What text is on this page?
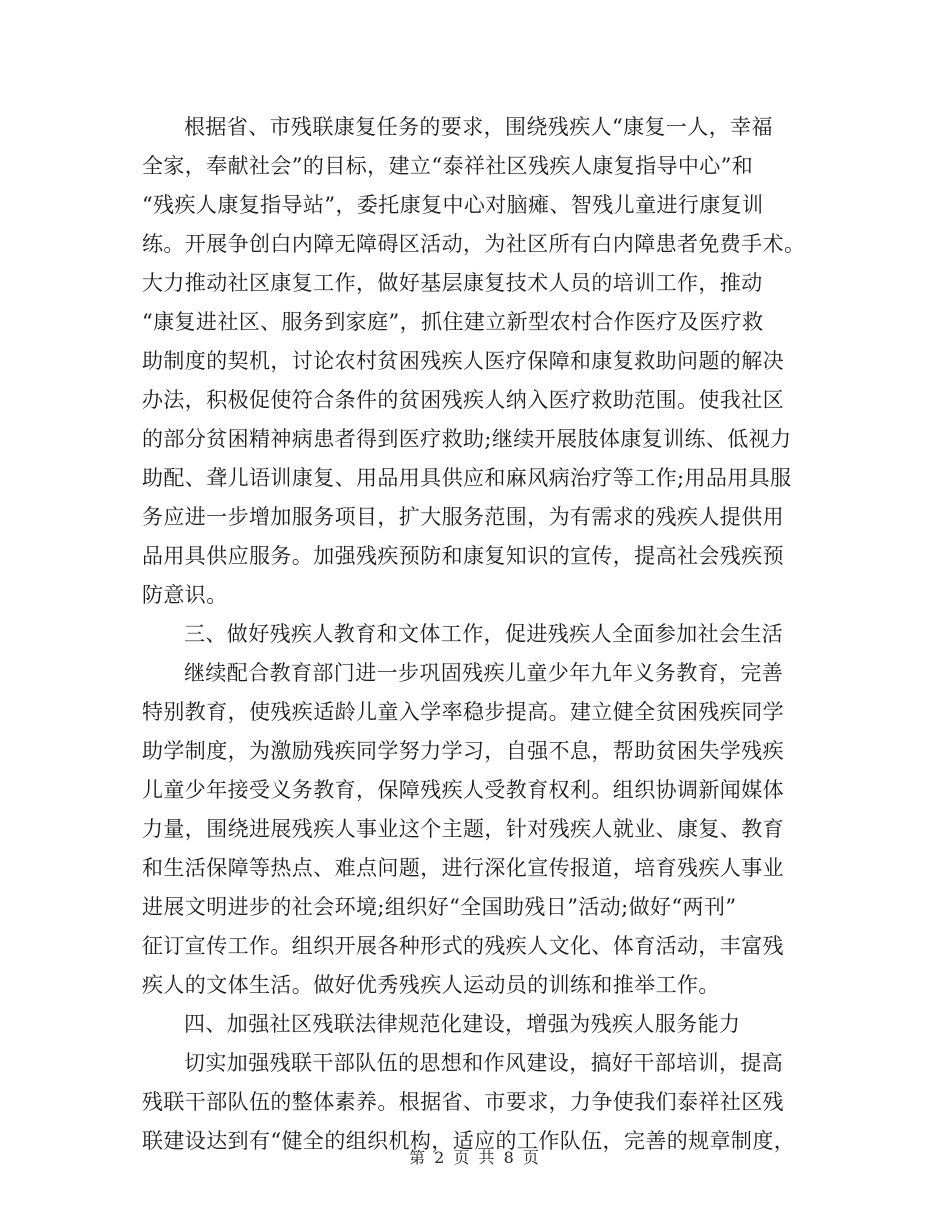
根据省、市残联康复任务的要求，围绕残疾人“康复一人，幸福
全家，奉献社会”的目标，建立“泰祥社区残疾人康复指导中心”和
“残疾人康复指导站”，委托康复中心对脑瘫、智残儿童进行康复训
练。开展争创白内障无障碍区活动，为社区所有白内障患者免费手术。
大力推动社区康复工作，做好基层康复技术人员的培训工作，推动
“康复进社区、服务到家庭”，抓住建立新型农村合作医疗及医疗救
助制度的契机，讨论农村贫困残疾人医疗保障和康复救助问题的解决
办法，积极促使符合条件的贫困残疾人纳入医疗救助范围。使我社区
的部分贫困精神病患者得到医疗救助;继续开展肢体康复训练、低视力
助配、聋儿语训康复、用品用具供应和麻风病治疗等工作;用品用具服
务应进一步增加服务项目，扩大服务范围，为有需求的残疾人提供用
品用具供应服务。加强残疾预防和康复知识的宣传，提高社会残疾预
防意识。
三、做好残疾人教育和文体工作，促进残疾人全面参加社会生活
继续配合教育部门进一步巩固残疾儿童少年九年义务教育，完善
特别教育，使残疾适龄儿童入学率稳步提高。建立健全贫困残疾同学
助学制度，为激励残疾同学努力学习，自强不息，帮助贫困失学残疾
儿童少年接受义务教育，保障残疾人受教育权利。组织协调新闻媒体
力量，围绕进展残疾人事业这个主题，针对残疾人就业、康复、教育
和生活保障等热点、难点问题，进行深化宣传报道，培育残疾人事业
进展文明进步的社会环境;组织好“全国助残日”活动;做好“两刊”
征订宣传工作。组织开展各种形式的残疾人文化、体育活动，丰富残
疾人的文体生活。做好优秀残疾人运动员的训练和推举工作。
四、加强社区残联法律规范化建设，增强为残疾人服务能力
切实加强残联干部队伍的思想和作风建设，搞好干部培训，提高
残联干部队伍的整体素养。根据省、市要求，力争使我们泰祥社区残
联建设达到有“健全的组织机构，适应的工作队伍，完善的规章制度，
第 2 页 共 8 页
